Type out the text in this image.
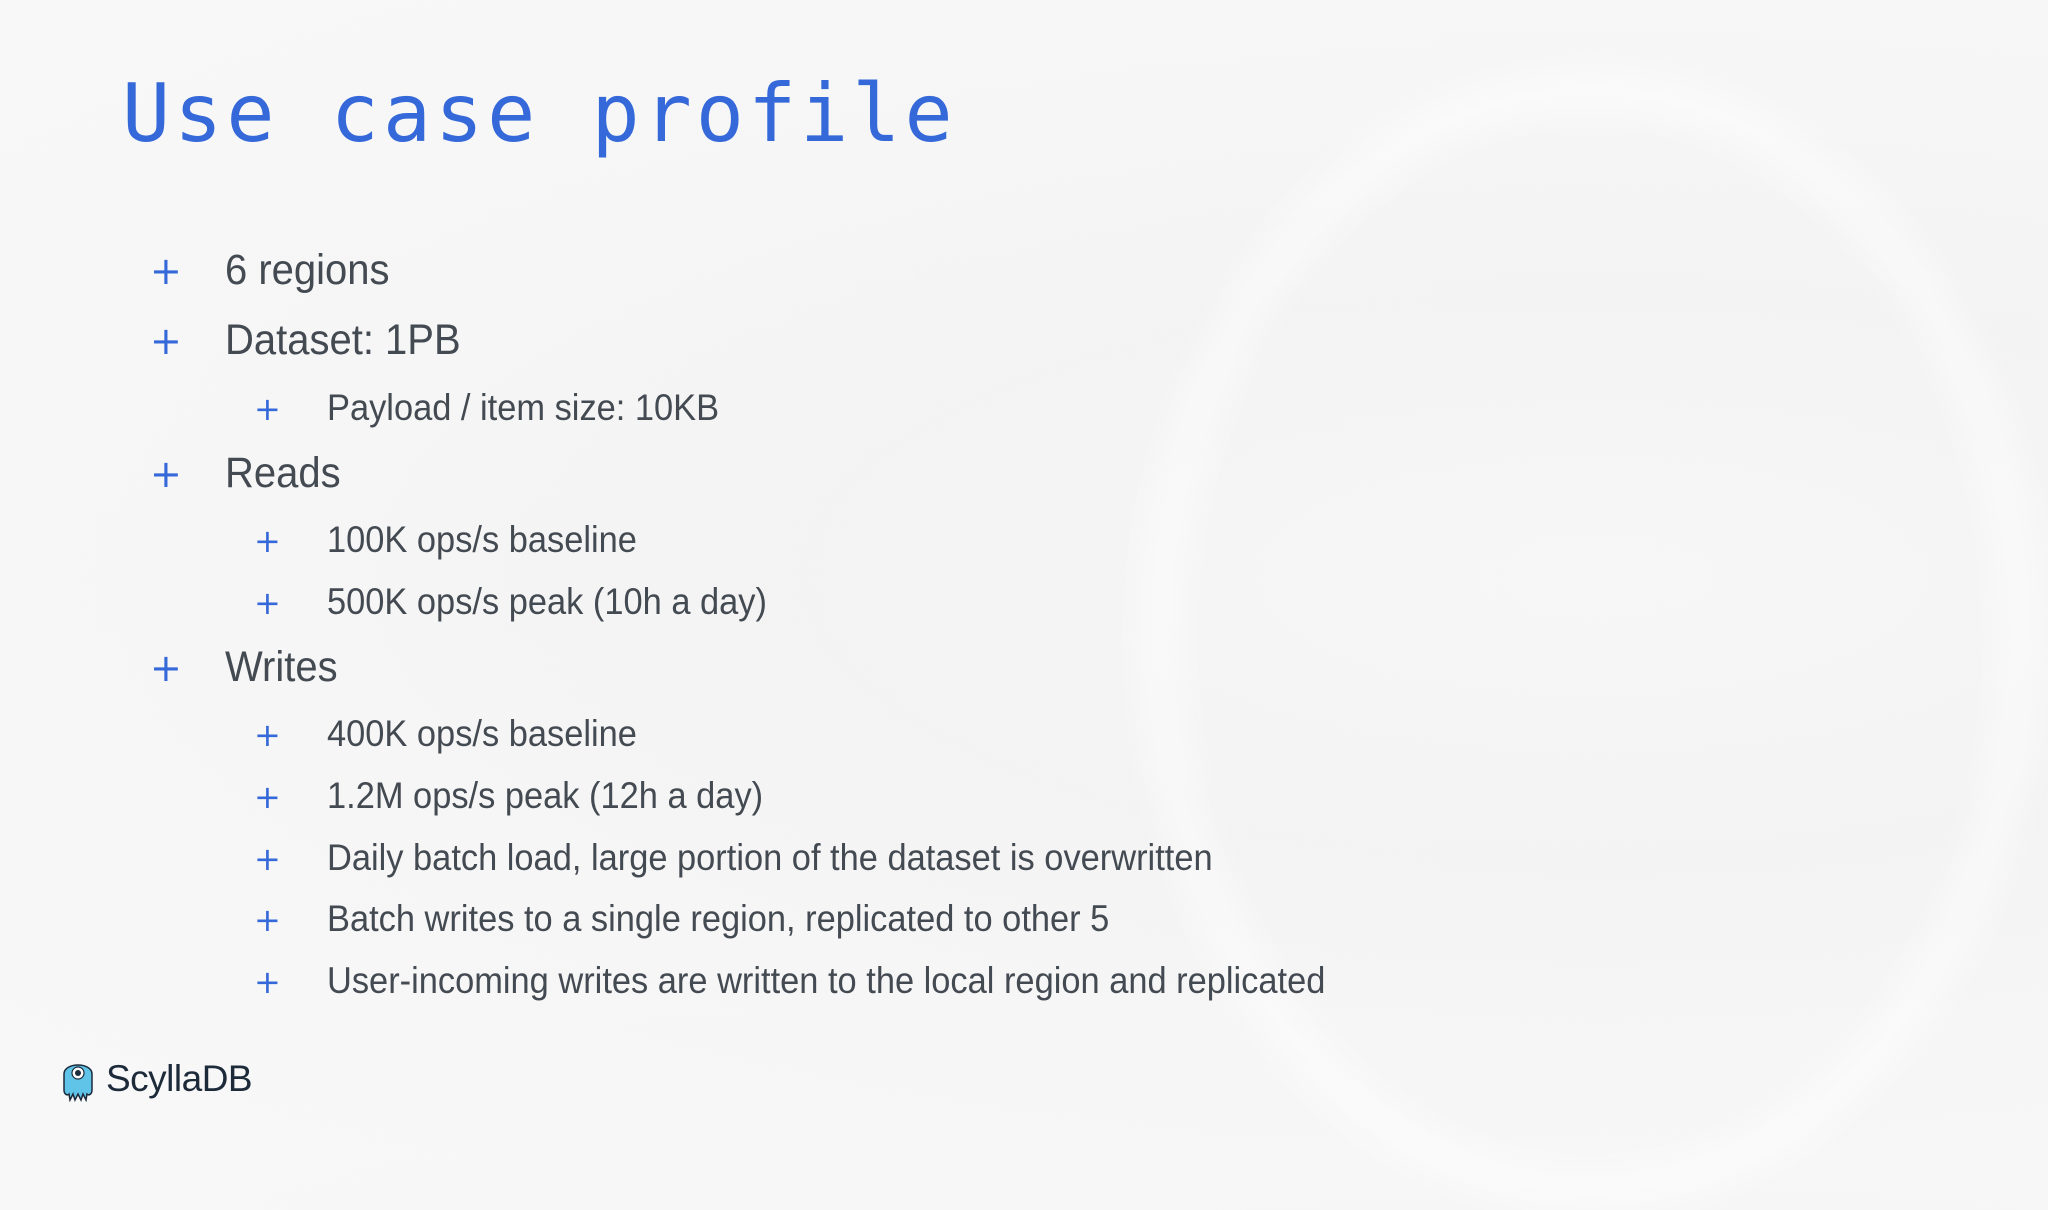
Use case profile
+ 6 regions
+ Dataset: 1PB
+ Payload / item size: 10KB
+ Reads
+ 100K ops/s baseline
+ 500K ops/s peak (10h a day)
+ Writes
+ 400K ops/s baseline
+ 1.2M ops/s peak (12h a day)
+ Daily batch load, large portion of the dataset is overwritten
+ Batch writes to a single region, replicated to other 5
+ User-incoming writes are written to the local region and replicated
ScyllaDB
